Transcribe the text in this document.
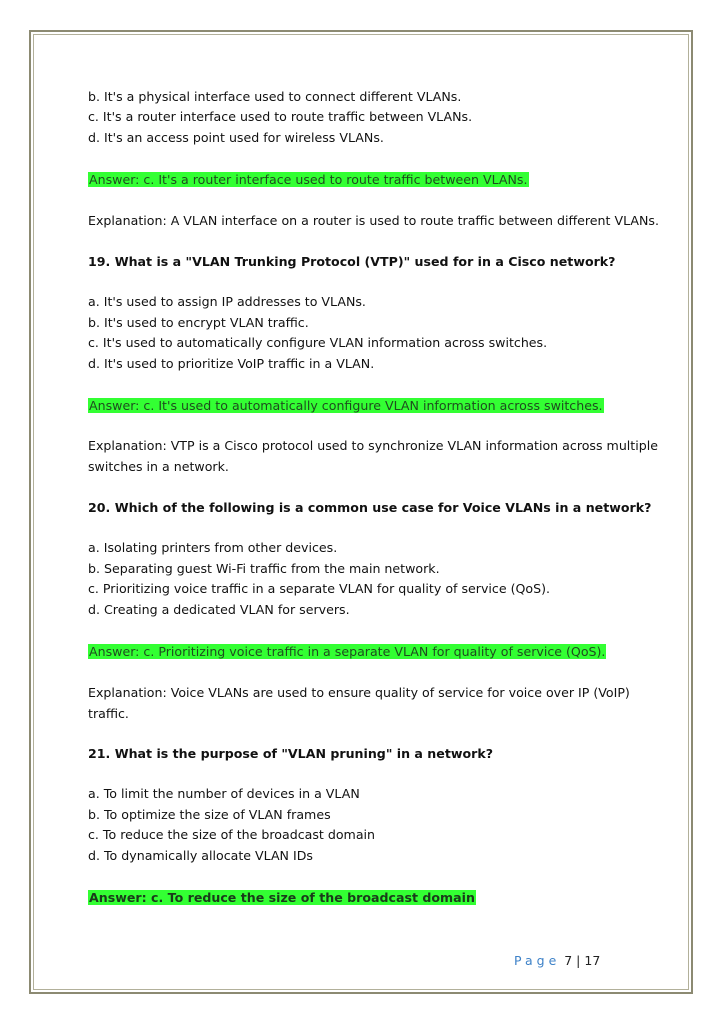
b. It's a physical interface used to connect different VLANs.
c. It's a router interface used to route traffic between VLANs.
d. It's an access point used for wireless VLANs.
Answer: c. It's a router interface used to route traffic between VLANs.
Explanation: A VLAN interface on a router is used to route traffic between different VLANs.
19. What is a "VLAN Trunking Protocol (VTP)" used for in a Cisco network?
a. It's used to assign IP addresses to VLANs.
b. It's used to encrypt VLAN traffic.
c. It's used to automatically configure VLAN information across switches.
d. It's used to prioritize VoIP traffic in a VLAN.
Answer: c. It's used to automatically configure VLAN information across switches.
Explanation: VTP is a Cisco protocol used to synchronize VLAN information across multiple
switches in a network.
20. Which of the following is a common use case for Voice VLANs in a network?
a. Isolating printers from other devices.
b. Separating guest Wi-Fi traffic from the main network.
c. Prioritizing voice traffic in a separate VLAN for quality of service (QoS).
d. Creating a dedicated VLAN for servers.
Answer: c. Prioritizing voice traffic in a separate VLAN for quality of service (QoS).
Explanation: Voice VLANs are used to ensure quality of service for voice over IP (VoIP)
traffic.
21. What is the purpose of "VLAN pruning" in a network?
a. To limit the number of devices in a VLAN
b. To optimize the size of VLAN frames
c. To reduce the size of the broadcast domain
d. To dynamically allocate VLAN IDs
Answer: c. To reduce the size of the broadcast domain
Page 7 | 17
